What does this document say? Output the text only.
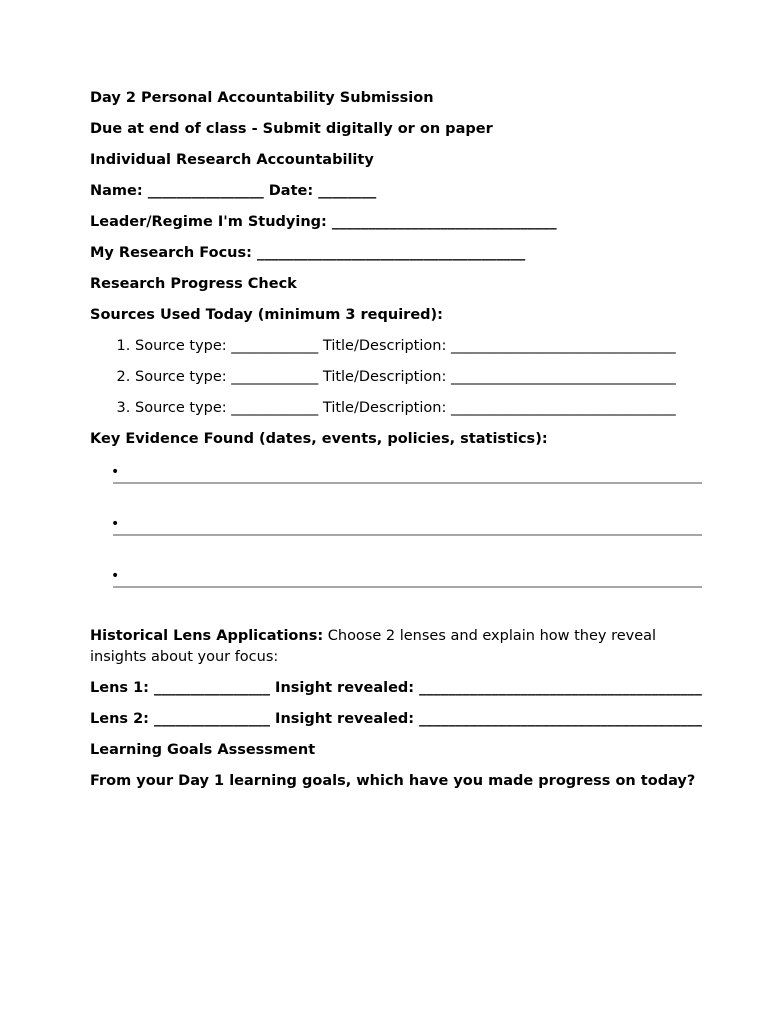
Day 2 Personal Accountability Submission

Due at end of class - Submit digitally or on paper

Individual Research Accountability

Name: ________________ Date: ________

Leader/Regime I'm Studying: _______________________________

My Research Focus: _____________________________________

Research Progress Check

Sources Used Today (minimum 3 required):

1. Source type: ____________ Title/Description: _______________________________
2. Source type: ____________ Title/Description: _______________________________
3. Source type: ____________ Title/Description: _______________________________

Key Evidence Found (dates, events, policies, statistics):

•
•
•

Historical Lens Applications: Choose 2 lenses and explain how they reveal insights about your focus:

Lens 1: ________________ Insight revealed: _______________________________________

Lens 2: ________________ Insight revealed: _______________________________________

Learning Goals Assessment

From your Day 1 learning goals, which have you made progress on today?
